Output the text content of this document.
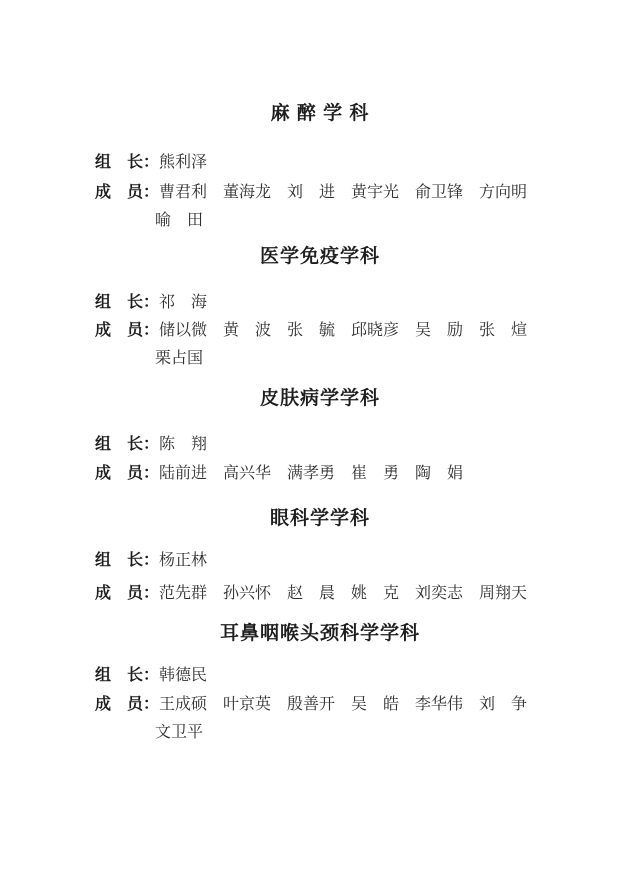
麻 醉 学 科
组　长：熊利泽
成　员：曹君利　董海龙　刘　进　黄宇光　俞卫锋　方向明
喻　田
医学免疫学科
组　长：祁　海
成　员：储以微　黄　波　张　毓　邱晓彦　吴　励　张　煊
栗占国
皮肤病学学科
组　长：陈　翔
成　员：陆前进　高兴华　满孝勇　崔　勇　陶　娟
眼科学学科
组　长：杨正林
成　员：范先群　孙兴怀　赵　晨　姚　克　刘奕志　周翔天
耳鼻咽喉头颈科学学科
组　长：韩德民
成　员：王成硕　叶京英　殷善开　吴　皓　李华伟　刘　争
文卫平
